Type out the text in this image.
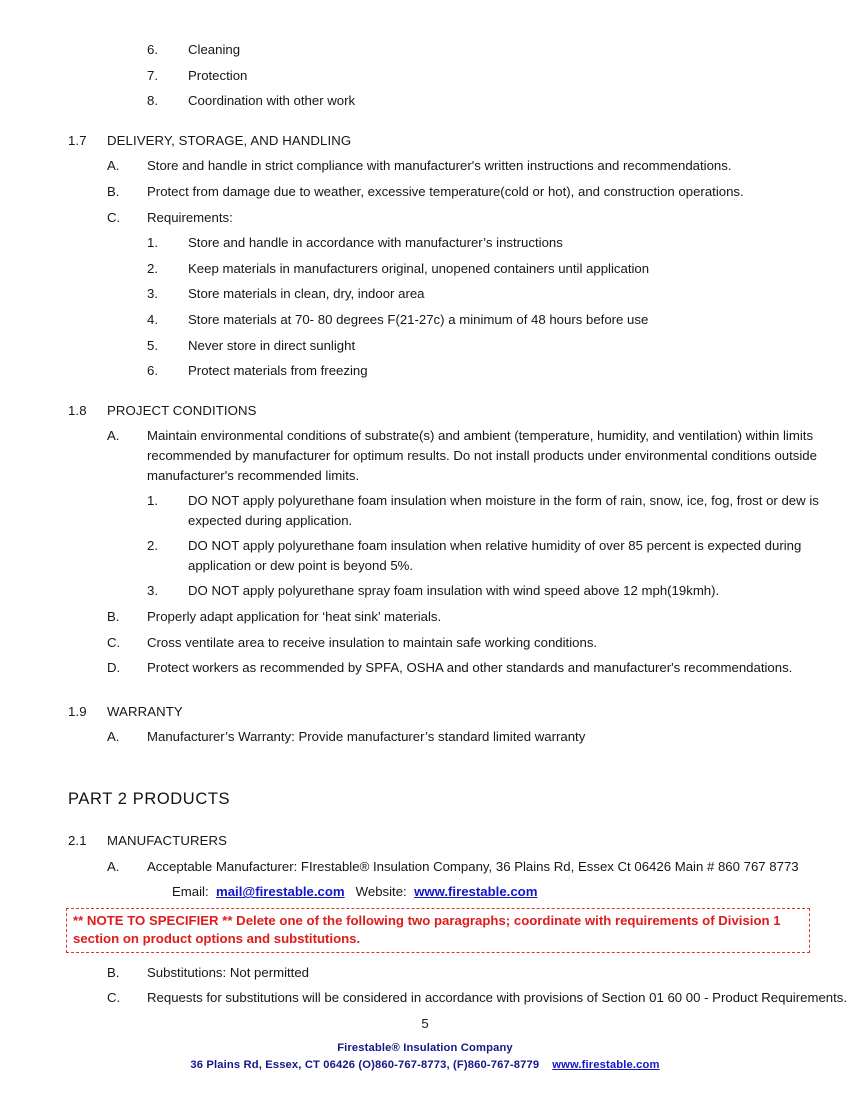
6.	Cleaning
7.	Protection
8.	Coordination with other work
1.7	DELIVERY, STORAGE, AND HANDLING
A.	Store and handle in strict compliance with manufacturer's written instructions and recommendations.
B.	Protect from damage due to weather, excessive temperature(cold or hot), and construction operations.
C.	Requirements:
1.	Store and handle in accordance with manufacturer’s instructions
2.	Keep materials in manufacturers original, unopened containers until application
3.	Store materials in clean, dry, indoor area
4.	Store materials at 70- 80 degrees F(21-27c) a minimum of 48 hours before use
5.	Never store in direct sunlight
6.	Protect materials from freezing
1.8	PROJECT CONDITIONS
A.	Maintain environmental conditions of substrate(s) and ambient (temperature, humidity, and ventilation) within limits recommended by manufacturer for optimum results. Do not install products under environmental conditions outside manufacturer's recommended limits.
1.	DO NOT apply polyurethane foam insulation when moisture in the form of rain, snow, ice, fog, frost or dew is expected during application.
2.	DO NOT apply polyurethane foam insulation when relative humidity of over 85 percent is expected during application or dew point is beyond 5%.
3.	DO NOT apply polyurethane spray foam insulation with wind speed above 12 mph(19kmh).
B.	Properly adapt application for ‘heat sink’ materials.
C.	Cross ventilate area to receive insulation to maintain safe working conditions.
D.	Protect workers as recommended by SPFA, OSHA and other standards and manufacturer's recommendations.
1.9	WARRANTY
A.	Manufacturer’s Warranty: Provide manufacturer’s standard limited warranty
PART 2 PRODUCTS
2.1	MANUFACTURERS
A.	Acceptable Manufacturer: FIrestable® Insulation Company, 36 Plains Rd, Essex Ct 06426 Main # 860 767 8773
Email: mail@firestable.com Website: www.firestable.com
** NOTE TO SPECIFIER ** Delete one of the following two paragraphs; coordinate with requirements of Division 1 section on product options and substitutions.
B.	Substitutions: Not permitted
C.	Requests for substitutions will be considered in accordance with provisions of Section 01 60 00 - Product Requirements.
5
Firestable® Insulation Company
36 Plains Rd, Essex, CT 06426 (O)860-767-8773, (F)860-767-8779 www.firestable.com
